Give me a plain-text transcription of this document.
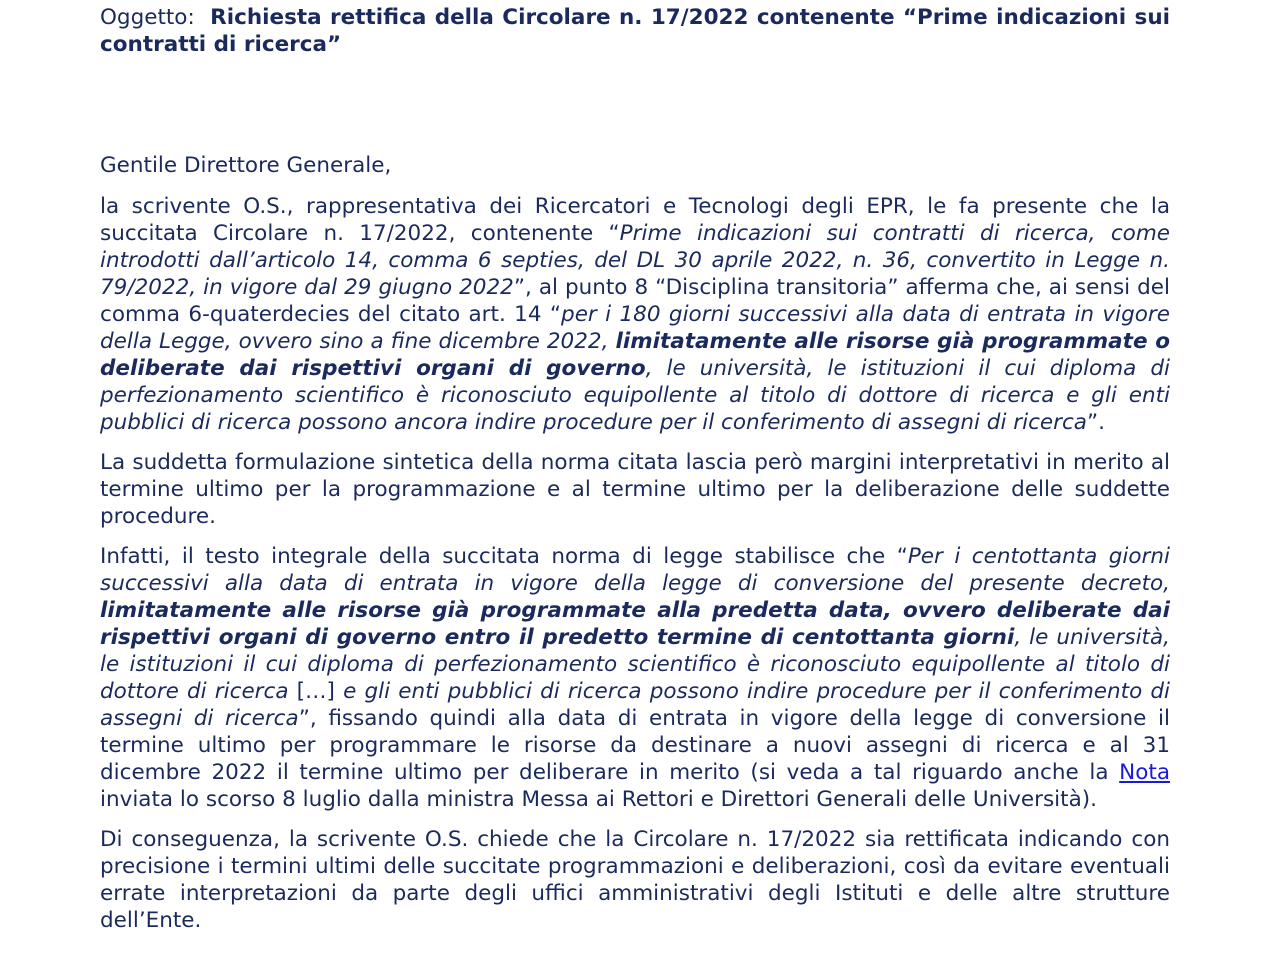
Oggetto: Richiesta rettifica della Circolare n. 17/2022 contenente “Prime indicazioni sui contratti di ricerca”

Gentile Direttore Generale,

la scrivente O.S., rappresentativa dei Ricercatori e Tecnologi degli EPR, le fa presente che la succitata Circolare n. 17/2022, contenente “Prime indicazioni sui contratti di ricerca, come introdotti dall’articolo 14, comma 6 septies, del DL 30 aprile 2022, n. 36, convertito in Legge n. 79/2022, in vigore dal 29 giugno 2022”, al punto 8 “Disciplina transitoria” afferma che, ai sensi del comma 6-quaterdecies del citato art. 14 “per i 180 giorni successivi alla data di entrata in vigore della Legge, ovvero sino a fine dicembre 2022, limitatamente alle risorse già programmate o deliberate dai rispettivi organi di governo, le università, le istituzioni il cui diploma di perfezionamento scientifico è riconosciuto equipollente al titolo di dottore di ricerca e gli enti pubblici di ricerca possono ancora indire procedure per il conferimento di assegni di ricerca”.

La suddetta formulazione sintetica della norma citata lascia però margini interpretativi in merito al termine ultimo per la programmazione e al termine ultimo per la deliberazione delle suddette procedure.

Infatti, il testo integrale della succitata norma di legge stabilisce che “Per i centottanta giorni successivi alla data di entrata in vigore della legge di conversione del presente decreto, limitatamente alle risorse già programmate alla predetta data, ovvero deliberate dai rispettivi organi di governo entro il predetto termine di centottanta giorni, le università, le istituzioni il cui diploma di perfezionamento scientifico è riconosciuto equipollente al titolo di dottore di ricerca […] e gli enti pubblici di ricerca possono indire procedure per il conferimento di assegni di ricerca”, fissando quindi alla data di entrata in vigore della legge di conversione il termine ultimo per programmare le risorse da destinare a nuovi assegni di ricerca e al 31 dicembre 2022 il termine ultimo per deliberare in merito (si veda a tal riguardo anche la Nota inviata lo scorso 8 luglio dalla ministra Messa ai Rettori e Direttori Generali delle Università).

Di conseguenza, la scrivente O.S. chiede che la Circolare n. 17/2022 sia rettificata indicando con precisione i termini ultimi delle succitate programmazioni e deliberazioni, così da evitare eventuali errate interpretazioni da parte degli uffici amministrativi degli Istituti e delle altre strutture dell’Ente.
